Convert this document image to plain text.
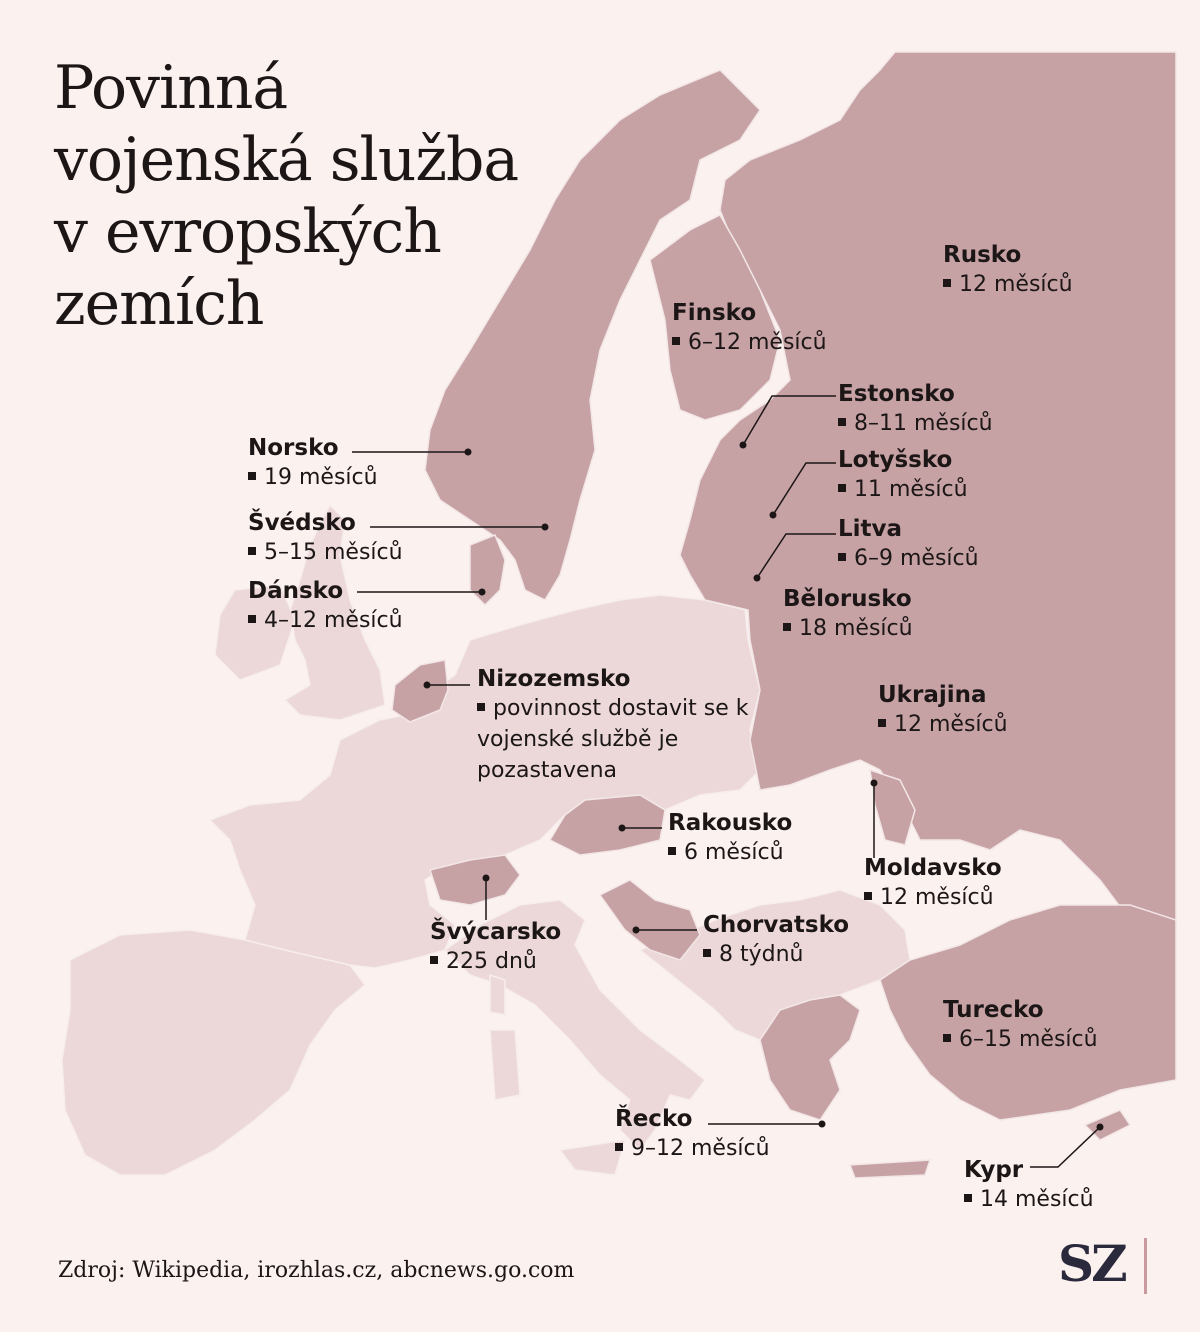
Povinná
vojenská služba
v evropských
zemích
Rusko
12 měsíců
Finsko
6–12 měsíců
Estonsko
8–11 měsíců
Lotyšsko
11 měsíců
Litva
6–9 měsíců
Norsko
19 měsíců
Švédsko
5–15 měsíců
Dánsko
4–12 měsíců
Bělorusko
18 měsíců
Nizozemsko
povinnost dostavit se k vojenské službě je pozastavena
Ukrajina
12 měsíců
Rakousko
6 měsíců
Moldavsko
12 měsíců
Švýcarsko
225 dnů
Chorvatsko
8 týdnů
Turecko
6–15 měsíců
Řecko
9–12 měsíců
Kypr
14 měsíců
Zdroj: Wikipedia, irozhlas.cz, abcnews.go.com	SZ
